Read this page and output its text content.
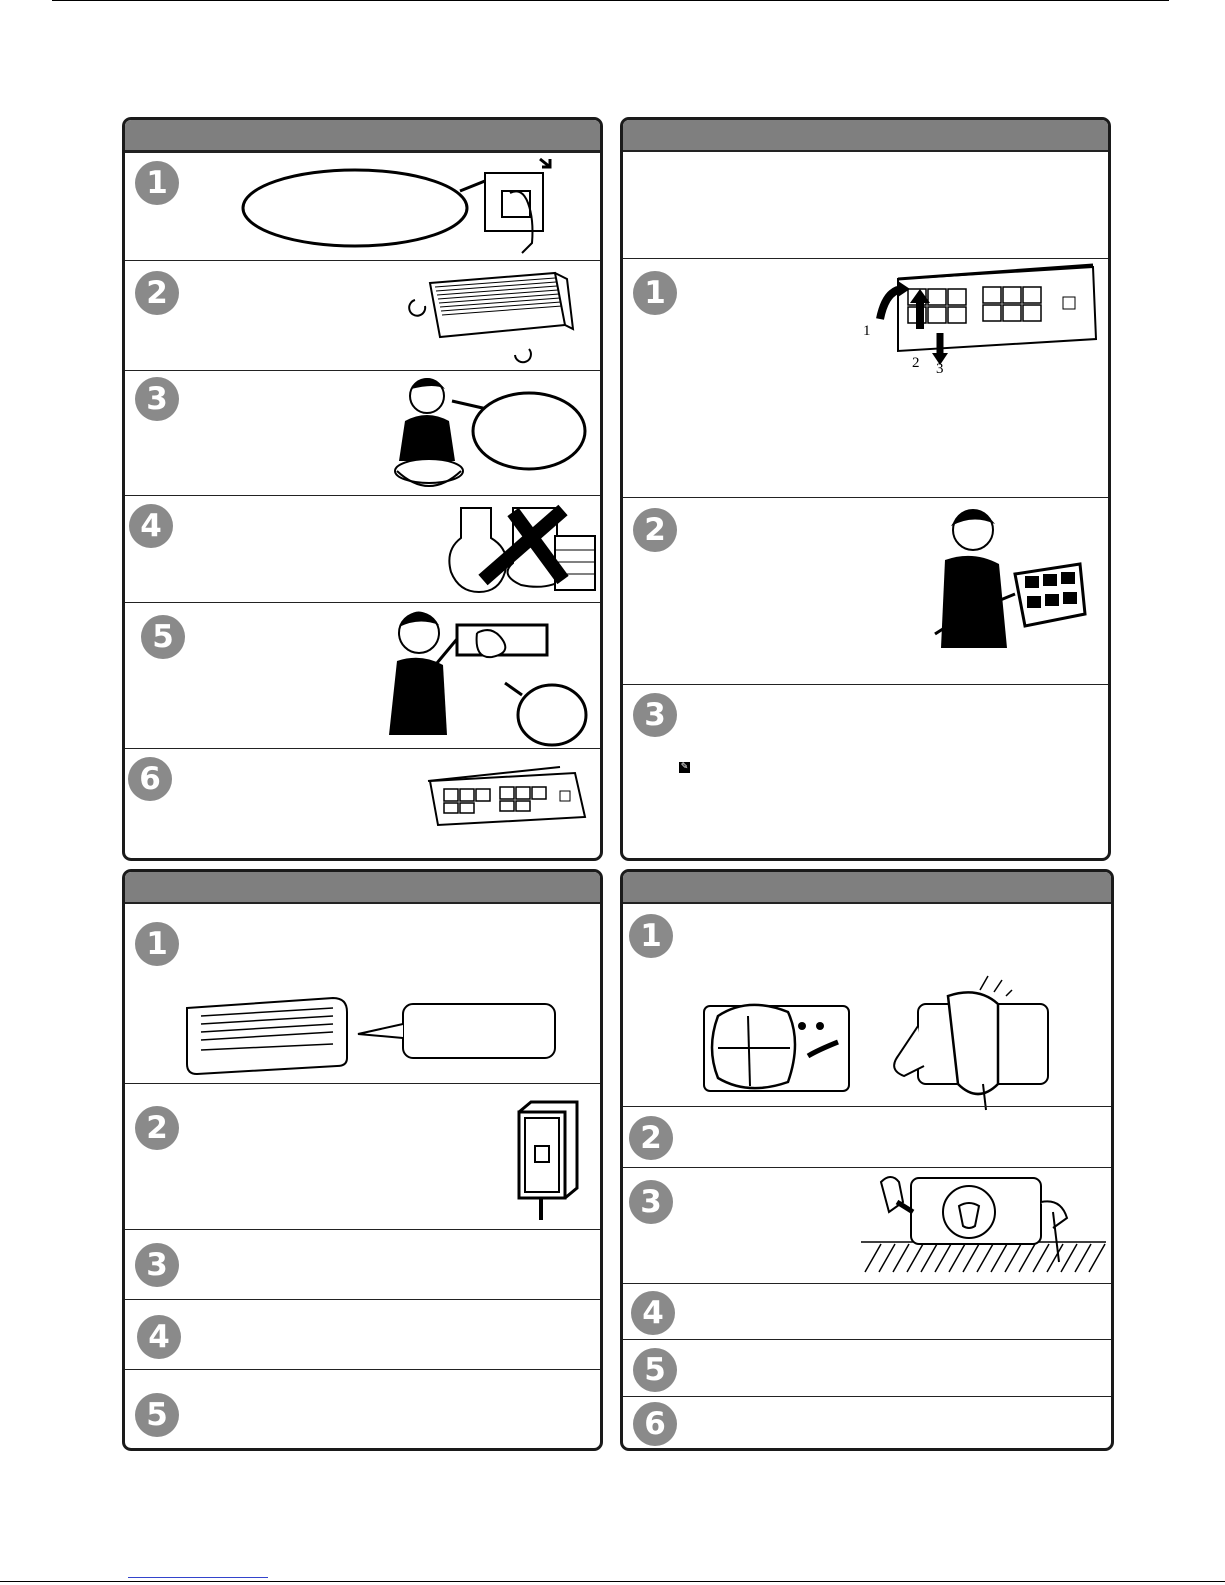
1
2
3
4
5
6
1
1
2 3
2
3
✎
1
2
3
4
5
1
2
3
4
5
6
